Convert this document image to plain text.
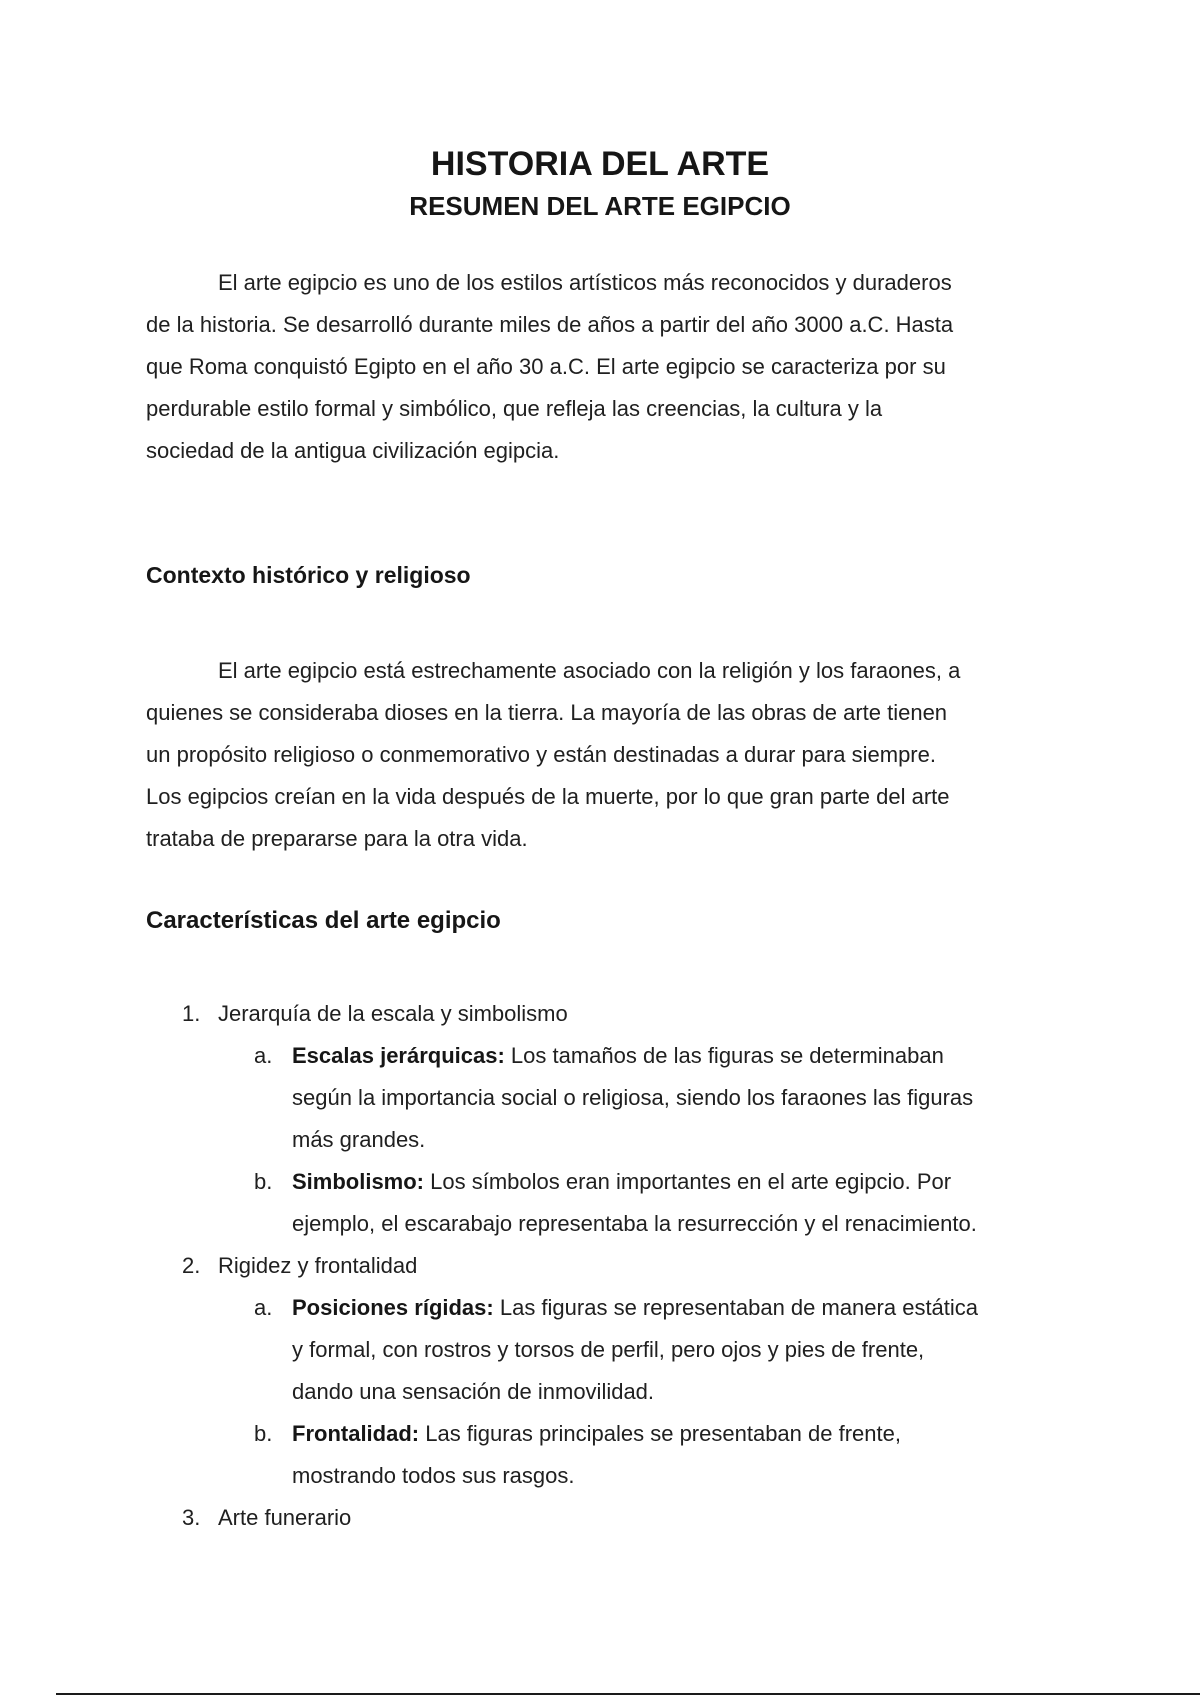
HISTORIA DEL ARTE
RESUMEN DEL ARTE EGIPCIO

El arte egipcio es uno de los estilos artísticos más reconocidos y duraderos
de la historia. Se desarrolló durante miles de años a partir del año 3000 a.C. Hasta
que Roma conquistó Egipto en el año 30 a.C. El arte egipcio se caracteriza por su
perdurable estilo formal y simbólico, que refleja las creencias, la cultura y la
sociedad de la antigua civilización egipcia.

Contexto histórico y religioso

El arte egipcio está estrechamente asociado con la religión y los faraones, a
quienes se consideraba dioses en la tierra. La mayoría de las obras de arte tienen
un propósito religioso o conmemorativo y están destinadas a durar para siempre.
Los egipcios creían en la vida después de la muerte, por lo que gran parte del arte
trataba de prepararse para la otra vida.

Características del arte egipcio
1. Jerarquía de la escala y simbolismo
a. Escalas jerárquicas: Los tamaños de las figuras se determinaban
según la importancia social o religiosa, siendo los faraones las figuras
más grandes.
b. Simbolismo: Los símbolos eran importantes en el arte egipcio. Por
ejemplo, el escarabajo representaba la resurrección y el renacimiento.
2. Rigidez y frontalidad
a. Posiciones rígidas: Las figuras se representaban de manera estática
y formal, con rostros y torsos de perfil, pero ojos y pies de frente,
dando una sensación de inmovilidad.
b. Frontalidad: Las figuras principales se presentaban de frente,
mostrando todos sus rasgos.
3. Arte funerario
